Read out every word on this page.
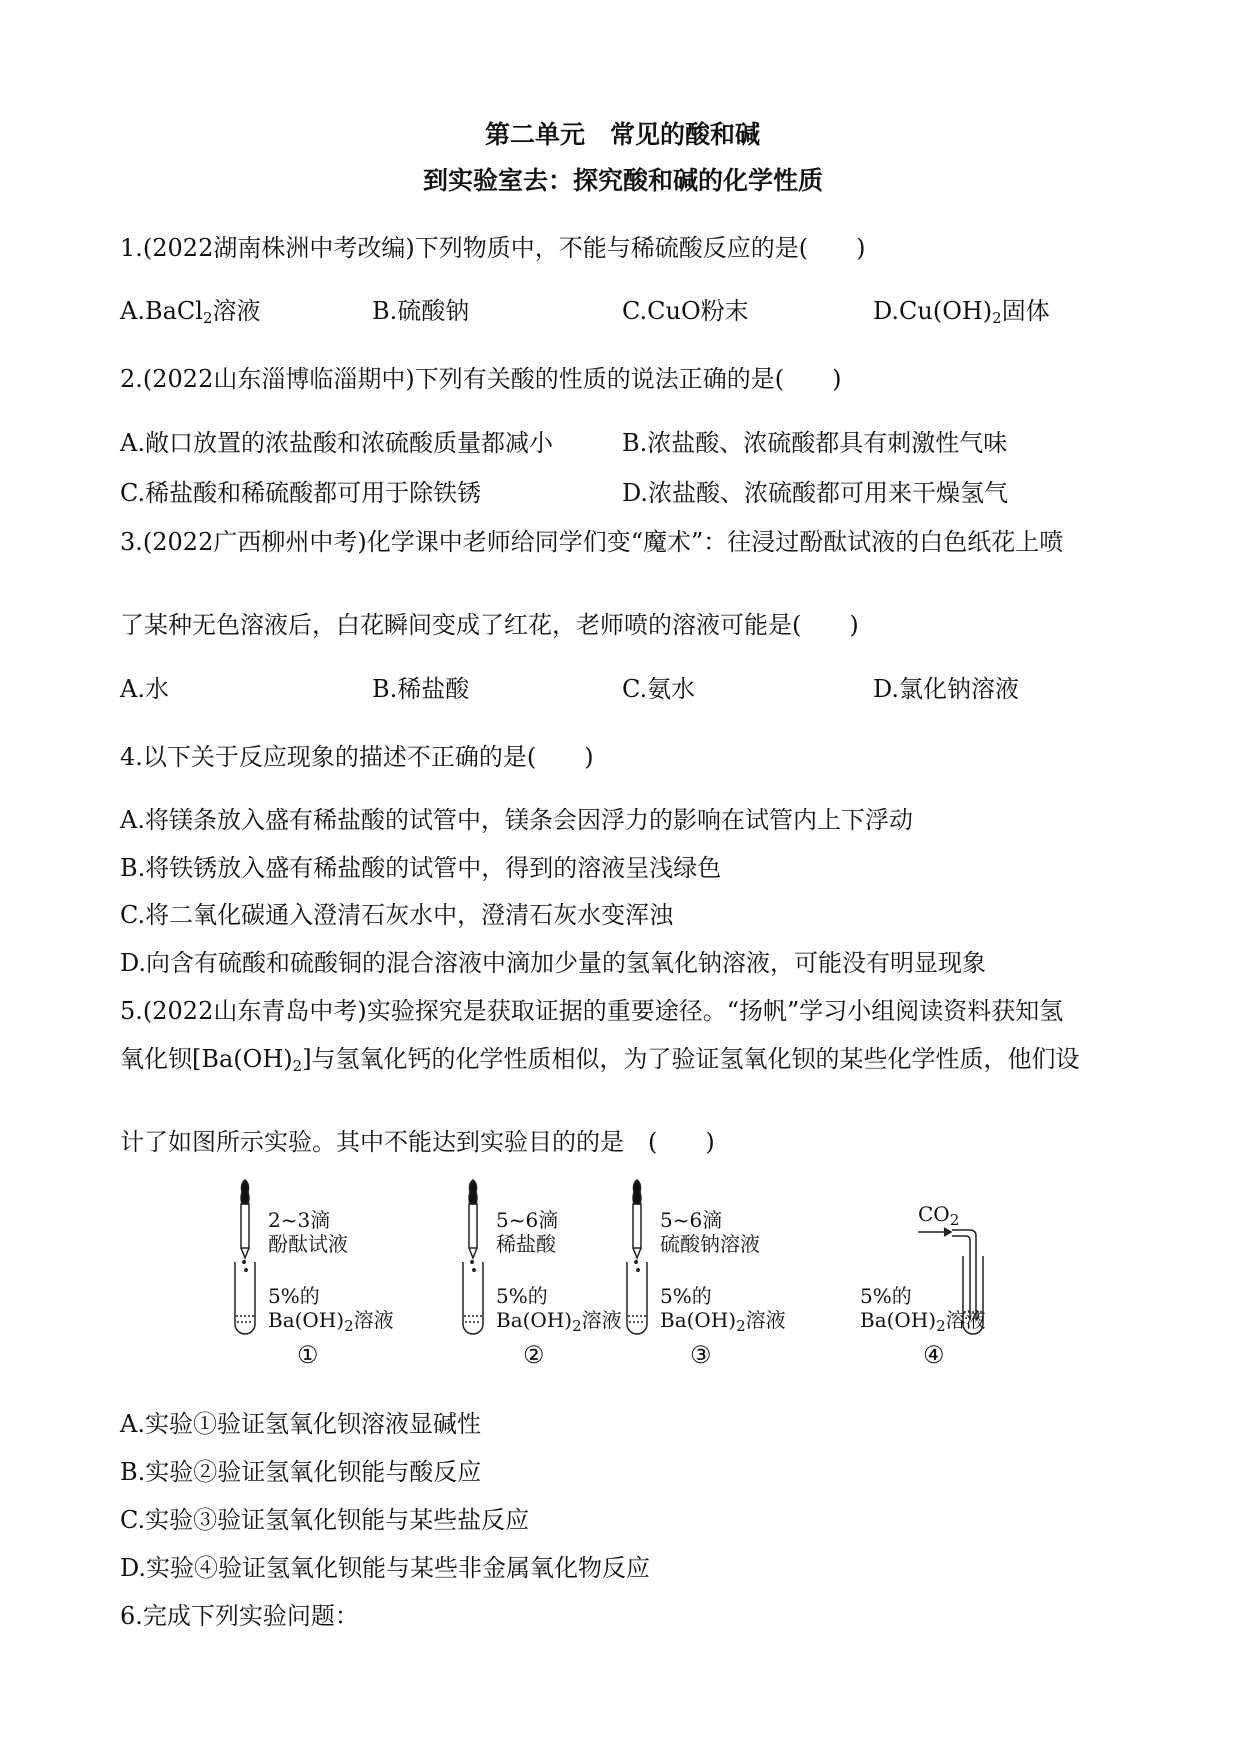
第二单元　常见的酸和碱
到实验室去：探究酸和碱的化学性质
1.(2022湖南株洲中考改编)下列物质中，不能与稀硫酸反应的是(　　)
A.BaCl$_2$溶液	B.硫酸钠	C.CuO粉末	$D.Cu(OH)_2$固体
2.(2022山东淄博临淄期中)下列有关酸的性质的说法正确的是(　　)
A.敞口放置的浓盐酸和浓硫酸质量都减小	B.浓盐酸、浓硫酸都具有刺激性气味
C.稀盐酸和稀硫酸都可用于除铁锈	D.浓盐酸、浓硫酸都可用来干燥氢气
3.(2022广西柳州中考)化学课中老师给同学们变“魔术”：往浸过酚酞试液的白色纸花上喷
了某种无色溶液后，白花瞬间变成了红花，老师喷的溶液可能是(　　)
A.水	B.稀盐酸	C.氨水	D.氯化钠溶液
4.以下关于反应现象的描述不正确的是(　　)
A.将镁条放入盛有稀盐酸的试管中，镁条会因浮力的影响在试管内上下浮动
B.将铁锈放入盛有稀盐酸的试管中，得到的溶液呈浅绿色
C.将二氧化碳通入澄清石灰水中，澄清石灰水变浑浊
D.向含有硫酸和硫酸铜的混合溶液中滴加少量的氢氧化钠溶液，可能没有明显现象
5.(2022山东青岛中考)实验探究是获取证据的重要途径。“扬帆”学习小组阅读资料获知氢
氧化钡$[Ba(OH)_2]$与氢氧化钙的化学性质相似，为了验证氢氧化钡的某些化学性质，他们设
计了如图所示实验。其中不能达到实验目的的是　(　　)
2~3滴
酚酞试液
5%的
$Ba(OH)_2$溶液
①
5~6滴
稀盐酸
5%的
$Ba(OH)_2$溶液
②
5~6滴
硫酸钠溶液
5%的
$Ba(OH)_2$溶液
③
$CO_2$
5%的
$Ba(OH)_2$溶液
④
A.实验①验证氢氧化钡溶液显碱性
B.实验②验证氢氧化钡能与酸反应
C.实验③验证氢氧化钡能与某些盐反应
D.实验④验证氢氧化钡能与某些非金属氧化物反应
6.完成下列实验问题：
